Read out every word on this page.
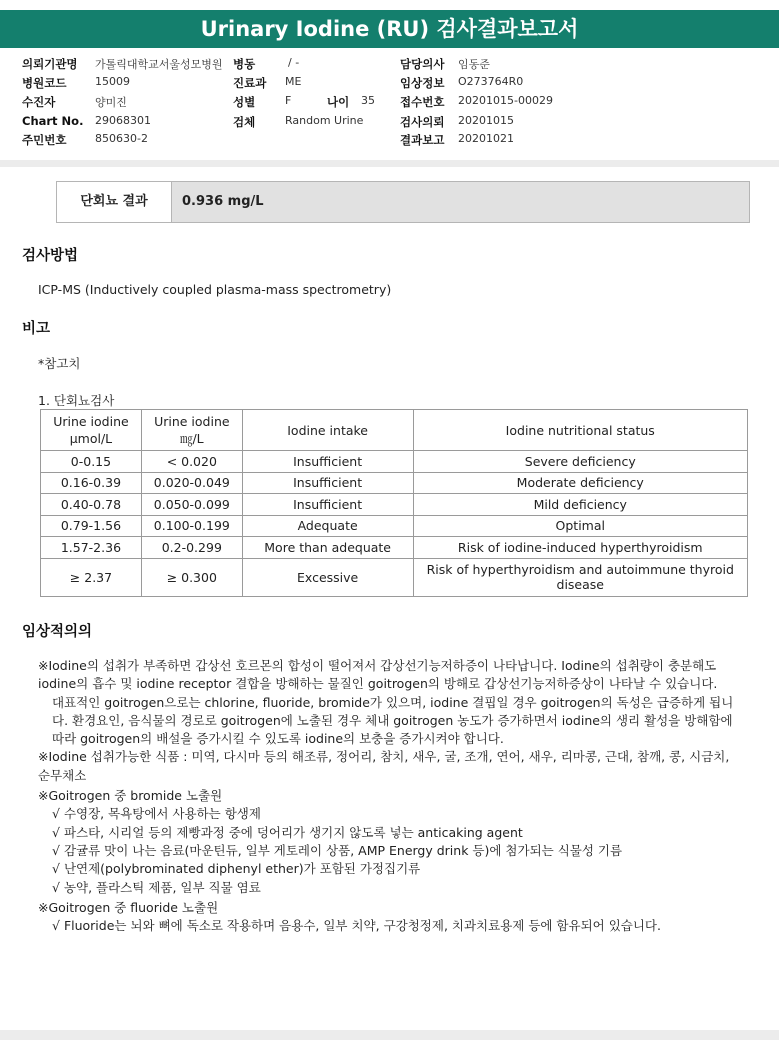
Urinary Iodine (RU) 검사결과보고서
의뢰기관명 가톨릭대학교서울성모병원 병동	/ -	담당의사 임동준
병원코드	15009	진료과 ME	임상정보 O273764R0
수진자	양미진	성별	F	나이 35 접수번호 20201015-00029
Chart No. 29068301	검체	Random Urine	검사의뢰 20201015
주민번호	850630-2	결과보고 20201021
단회뇨 결과	0.936 mg/L
검사방법
ICP-MS (Inductively coupled plasma-mass spectrometry)
비고
*참고치
1. 단회뇨검사
Urine iodine μmol/L	Urine iodine ㎎/L	Iodine intake	Iodine nutritional status
0-0.15	< 0.020	Insufficient	Severe deficiency
0.16-0.39	0.020-0.049	Insufficient	Moderate deficiency
0.40-0.78	0.050-0.099	Insufficient	Mild deficiency
0.79-1.56	0.100-0.199	Adequate	Optimal
1.57-2.36	0.2-0.299	More than adequate	Risk of iodine-induced hyperthyroidism
≥ 2.37	≥ 0.300	Excessive	Risk of hyperthyroidism and autoimmune thyroid disease
임상적의의

※Iodine의 섭취가 부족하면 갑상선 호르몬의 합성이 떨어져서 갑상선기능저하증이 나타납니다. Iodine의 섭취량이 충분해도 iodine의 흡수 및 iodine receptor 결합을 방해하는 물질인 goitrogen의 방해로 갑상선기능저하증상이 나타날 수 있습니다.

대표적인 goitrogen으로는 chlorine, fluoride, bromide가 있으며, iodine 결핍일 경우 goitrogen의 독성은 급증하게 됩니다. 환경요인, 음식물의 경로로 goitrogen에 노출된 경우 체내 goitrogen 농도가 증가하면서 iodine의 생리 활성을 방해함에 따라 goitrogen의 배설을 증가시킬 수 있도록 iodine의 보충을 증가시켜야 합니다.

※Iodine 섭취가능한 식품 : 미역, 다시마 등의 해조류, 정어리, 참치, 새우, 굴, 조개, 연어, 새우, 리마콩, 근대, 참깨, 콩, 시금치, 순무채소

※Goitrogen 중 bromide 노출원

√ 수영장, 목욕탕에서 사용하는 항생제

√ 파스타, 시리얼 등의 제빵과정 중에 덩어리가 생기지 않도록 넣는 anticaking agent

√ 감귤류 맛이 나는 음료(마운틴듀, 일부 게토레이 상품, AMP Energy drink 등)에 첨가되는 식물성 기름

√ 난연제(polybrominated diphenyl ether)가 포함된 가정집기류

√ 농약, 플라스틱 제품, 일부 직물 염료

※Goitrogen 중 fluoride 노출원

√ Fluoride는 뇌와 뼈에 독소로 작용하며 음용수, 일부 치약, 구강청정제, 치과치료용제 등에 함유되어 있습니다.
